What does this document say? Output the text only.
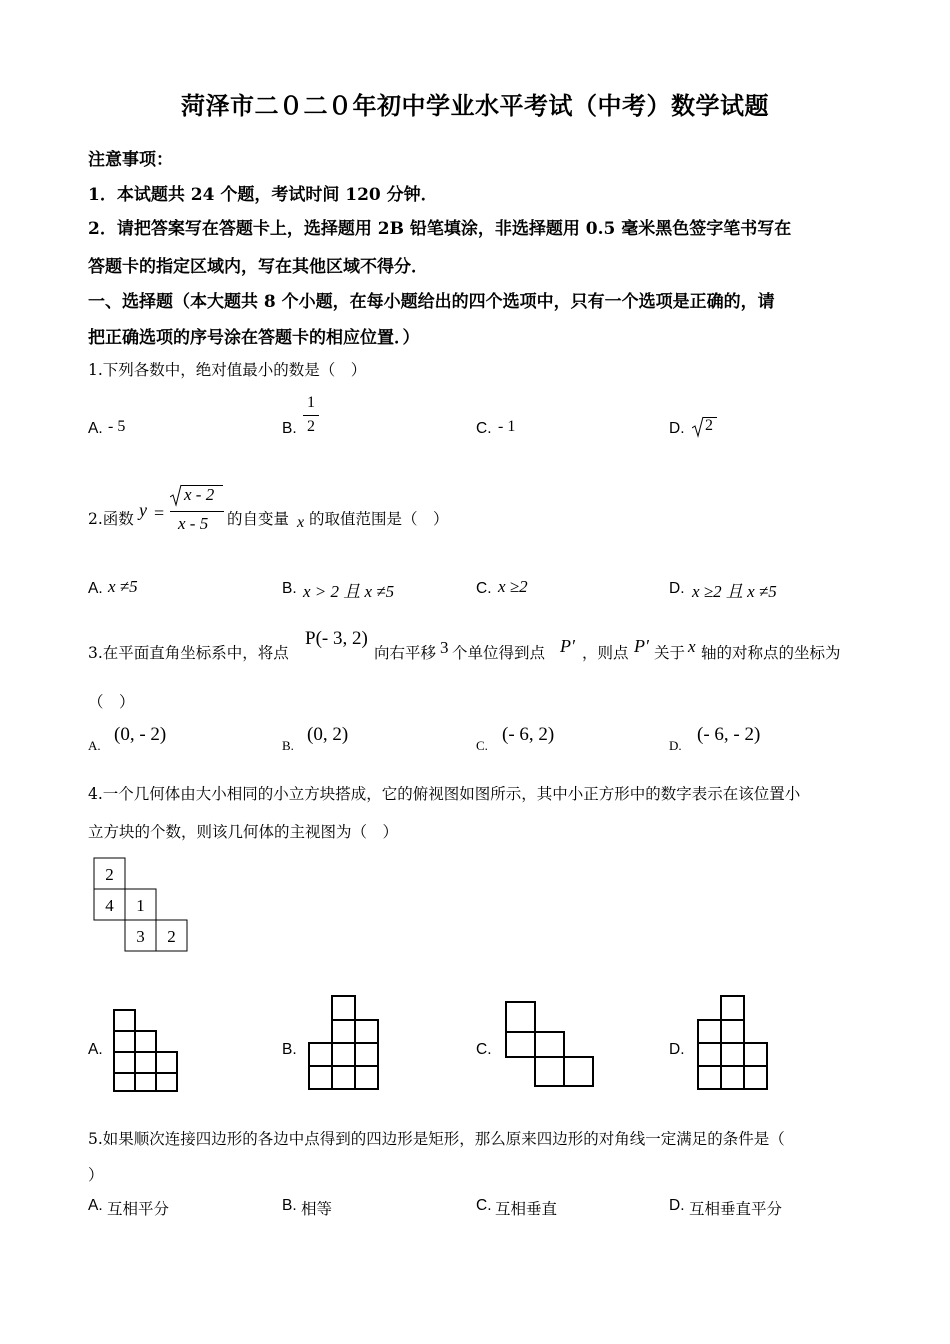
菏泽市二０二０年初中学业水平考试（中考）数学试题
注意事项：
1．本试题共 24 个题，考试时间 120 分钟．
2．请把答案写在答题卡上，选择题用 2B 铅笔填涂，非选择题用 0.5 毫米黑色签字笔书写在
答题卡的指定区域内，写在其他区域不得分．
一、选择题（本大题共 8 个小题，在每小题给出的四个选项中，只有一个选项是正确的，请
把正确选项的序号涂在答题卡的相应位置．）
1.下列各数中，绝对值最小的数是（　）
A. - 5	B.
1
2	C. - 1	D. 2
2.函数 y =
x - 2
x - 5 的自变量 x 的取值范围是（　）
A. x ≠5	B. x > 2 且 x ≠5	C. x ≥2	D. x ≥2 且 x ≠5
3.在平面直角坐标系中，将点
P(- 3, 2)
向右平移 3 个单位得到点 P′ ，则点 P′ 关于 x 轴的对称点的坐标为
（　）
A.
(0, - 2)
B.
(0, 2)
C.
(- 6, 2)
D.
(- 6, - 2)
4.一个几何体由大小相同的小立方块搭成，它的俯视图如图所示，其中小正方形中的数字表示在该位置小
立方块的个数，则该几何体的主视图为（　）
2
4 1
3 2
A.	B.	C.	D.
5.如果顺次连接四边形的各边中点得到的四边形是矩形，那么原来四边形的对角线一定满足的条件是（
）
A. 互相平分	B. 相等	C. 互相垂直	D. 互相垂直平分
